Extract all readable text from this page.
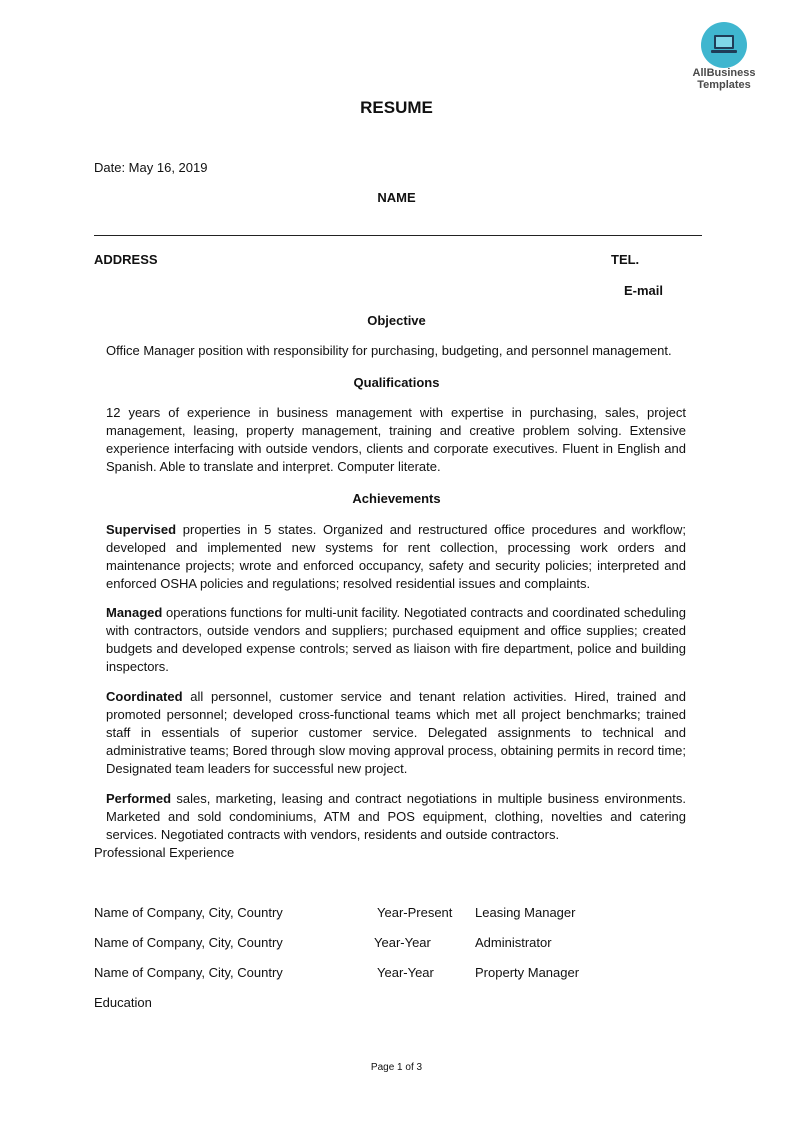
AllBusiness
Templates
RESUME
Date: May 16, 2019
NAME
ADDRESS	TEL.
E-mail
Objective
Office Manager position with responsibility for purchasing, budgeting, and personnel management.
Qualifications
12 years of experience in business management with expertise in purchasing, sales, project management, leasing, property management, training and creative problem solving. Extensive experience interfacing with outside vendors, clients and corporate executives. Fluent in English and Spanish. Able to translate and interpret. Computer literate.
Achievements
Supervised properties in 5 states. Organized and restructured office procedures and workflow; developed and implemented new systems for rent collection, processing work orders and maintenance projects; wrote and enforced occupancy, safety and security policies; interpreted and enforced OSHA policies and regulations; resolved residential issues and complaints.
Managed operations functions for multi-unit facility. Negotiated contracts and coordinated scheduling with contractors, outside vendors and suppliers; purchased equipment and office supplies; created budgets and developed expense controls; served as liaison with fire department, police and building inspectors.
Coordinated all personnel, customer service and tenant relation activities. Hired, trained and promoted personnel; developed cross-functional teams which met all project benchmarks; trained staff in essentials of superior customer service. Delegated assignments to technical and administrative teams; Bored through slow moving approval process, obtaining permits in record time; Designated team leaders for successful new project.
Performed sales, marketing, leasing and contract negotiations in multiple business environments. Marketed and sold condominiums, ATM and POS equipment, clothing, novelties and catering services. Negotiated contracts with vendors, residents and outside contractors.
Professional Experience
Name of Company, City, Country	Year-Present Leasing Manager
Name of Company, City, Country	Year-Year	Administrator
Name of Company, City, Country	Year-Year	Property Manager
Education
Page 1 of 3
